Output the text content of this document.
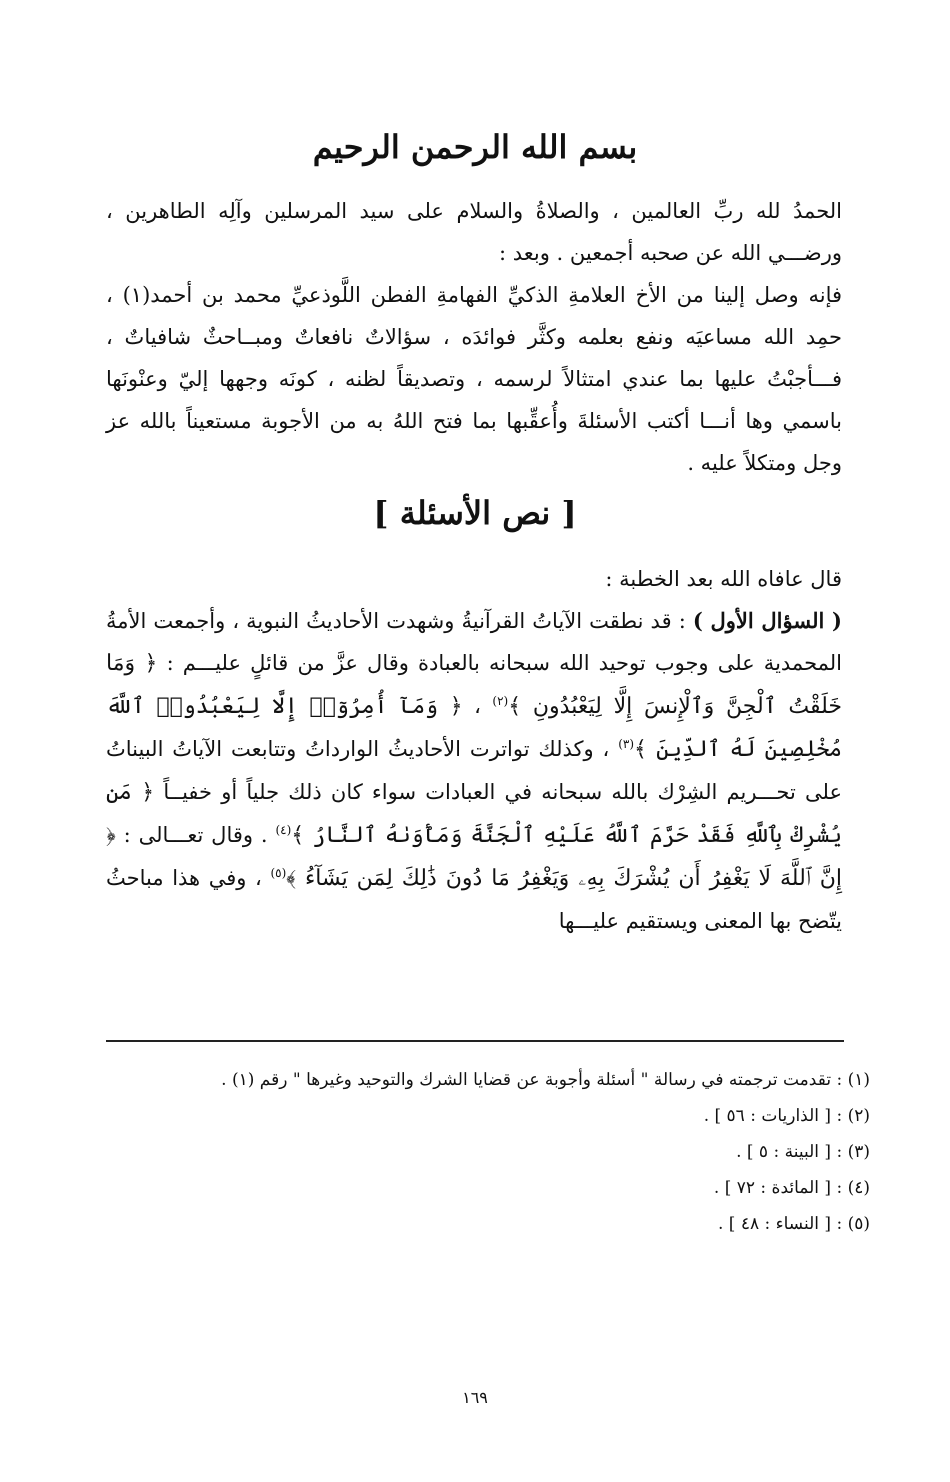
بسم الله الرحمن الرحيم

الحمدُ لله ربِّ العالمين ، والصلاةُ والسلام على سيد المرسلين وآلِه الطاهرين ، ورضـــي الله عن صحبه أجمعين . وبعد :

فإنه وصل إلينا من الأخ العلامةِ الذكيِّ الفهامةِ الفطن اللَّوذعيِّ محمد بن أحمد(١) ، حمِد الله مساعيَه ونفع بعلمه وكثَّر فوائدَه ، سؤالاتٌ نافعاتٌ ومبــاحثٌ شافياتٌ ، فـــأجبْتُ عليها بما عندي امتثالاً لرسمه ، وتصديقاً لظنه ، كونَه وجهها إليّ وعنْونَها باسمي وها أنـــا أكتب الأسئلةَ وأُعقِّبها بما فتح اللهُ به من الأجوبة مستعيناً بالله عز وجل ومتكلاً عليه .

[ نص الأسئلة ]

قال عافاه الله بعد الخطبة :

( السؤال الأول ) : قد نطقت الآياتُ القرآنيةُ وشهدت الأحاديثُ النبوية ، وأجمعت الأمةُ المحمدية على وجوب توحيد الله سبحانه بالعبادة وقال عزَّ من قائلٍ عليـــم : ﴿ وَمَا خَلَقْتُ ٱلْجِنَّ وَٱلْإِنسَ إِلَّا لِيَعْبُدُونِ ﴾$^{(٢)}$ ، ﴿ وَمَآ أُمِرُوٓا۟ إِلَّا لِيَعْبُدُوا۟ ٱللَّهَ مُخْلِصِينَ لَهُ ٱلدِّينَ ﴾$^{(٣)}$ ، وكذلك تواترت الأحاديثُ الوارداتُ وتتابعت الآياتُ البيناتُ على تحـــريم الشِرْك بالله سبحانه في العبادات سواء كان ذلك جلياً أو خفيــاً ﴿ مَن يُشْرِكْ بِٱللَّهِ فَقَدْ حَرَّمَ ٱللَّهُ عَلَيْهِ ٱلْجَنَّةَ وَمَأْوَىٰهُ ٱلنَّارُ ﴾$^{(٤)}$ . وقال تعـــالى : ﴿ إِنَّ ٱللَّهَ لَا يَغْفِرُ أَن يُشْرَكَ بِهِۦ وَيَغْفِرُ مَا دُونَ ذَٰلِكَ لِمَن يَشَآءُ ﴾$^{(٥)}$ ، وفي هذا مباحثُ يتّضح بها المعنى ويستقيم عليـــها

(١) : تقدمت ترجمته في رسالة " أسئلة وأجوبة عن قضايا الشرك والتوحيد وغيرها " رقم (١) .

(٢) : [ الذاريات : ٥٦ ] .

(٣) : [ البينة : ٥ ] .

(٤) : [ المائدة : ٧٢ ] .

(٥) : [ النساء : ٤٨ ] .

١٦٩
